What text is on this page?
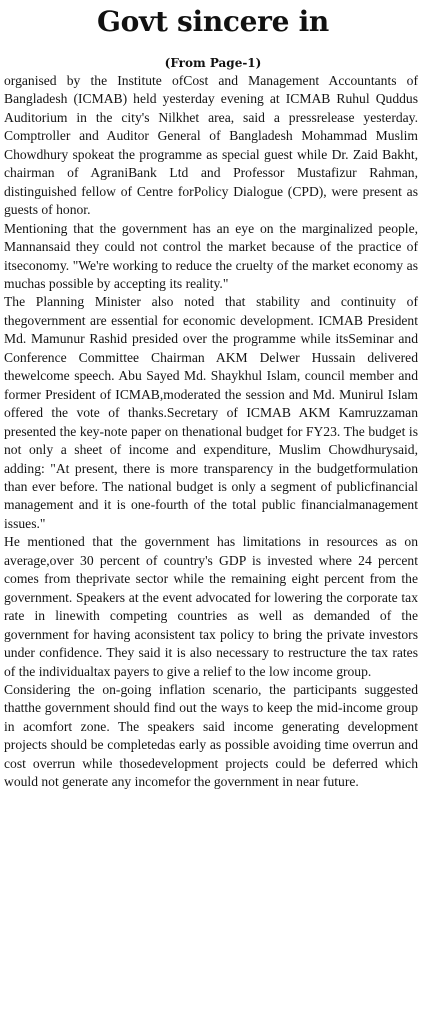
Govt sincere in
(From Page-1)

organised by the Institute ofCost and Management Accountants of Bangladesh (ICMAB) held yesterday evening at ICMAB Ruhul Quddus Auditorium in the city's Nilkhet area, said a pressrelease yesterday. Comptroller and Auditor General of Bangladesh Mohammad Muslim Chowdhury spokeat the programme as special guest while Dr. Zaid Bakht, chairman of AgraniBank Ltd and Professor Mustafizur Rahman, distinguished fellow of Centre forPolicy Dialogue (CPD), were present as guests of honor.

Mentioning that the government has an eye on the marginalized people, Mannansaid they could not control the market because of the practice of itseconomy. "We're working to reduce the cruelty of the market economy as muchas possible by accepting its reality."

The Planning Minister also noted that stability and continuity of thegovernment are essential for economic development. ICMAB President Md. Mamunur Rashid presided over the programme while itsSeminar and Conference Committee Chairman AKM Delwer Hussain delivered thewelcome speech. Abu Sayed Md. Shaykhul Islam, council member and former President of ICMAB,moderated the session and Md. Munirul Islam offered the vote of thanks.Secretary of ICMAB AKM Kamruzzaman presented the key-note paper on thenational budget for FY23. The budget is not only a sheet of income and expenditure, Muslim Chowdhurysaid, adding: "At present, there is more transparency in the budgetformulation than ever before. The national budget is only a segment of publicfinancial management and it is one-fourth of the total public financialmanagement issues."

He mentioned that the government has limitations in resources as on average,over 30 percent of country's GDP is invested where 24 percent comes from theprivate sector while the remaining eight percent from the government. Speakers at the event advocated for lowering the corporate tax rate in linewith competing countries as well as demanded of the government for having aconsistent tax policy to bring the private investors under confidence. They said it is also necessary to restructure the tax rates of the individualtax payers to give a relief to the low income group.

Considering the on-going inflation scenario, the participants suggested thatthe government should find out the ways to keep the mid-income group in acomfort zone. The speakers said income generating development projects should be completedas early as possible avoiding time overrun and cost overrun while thosedevelopment projects could be deferred which would not generate any incomefor the government in near future.
